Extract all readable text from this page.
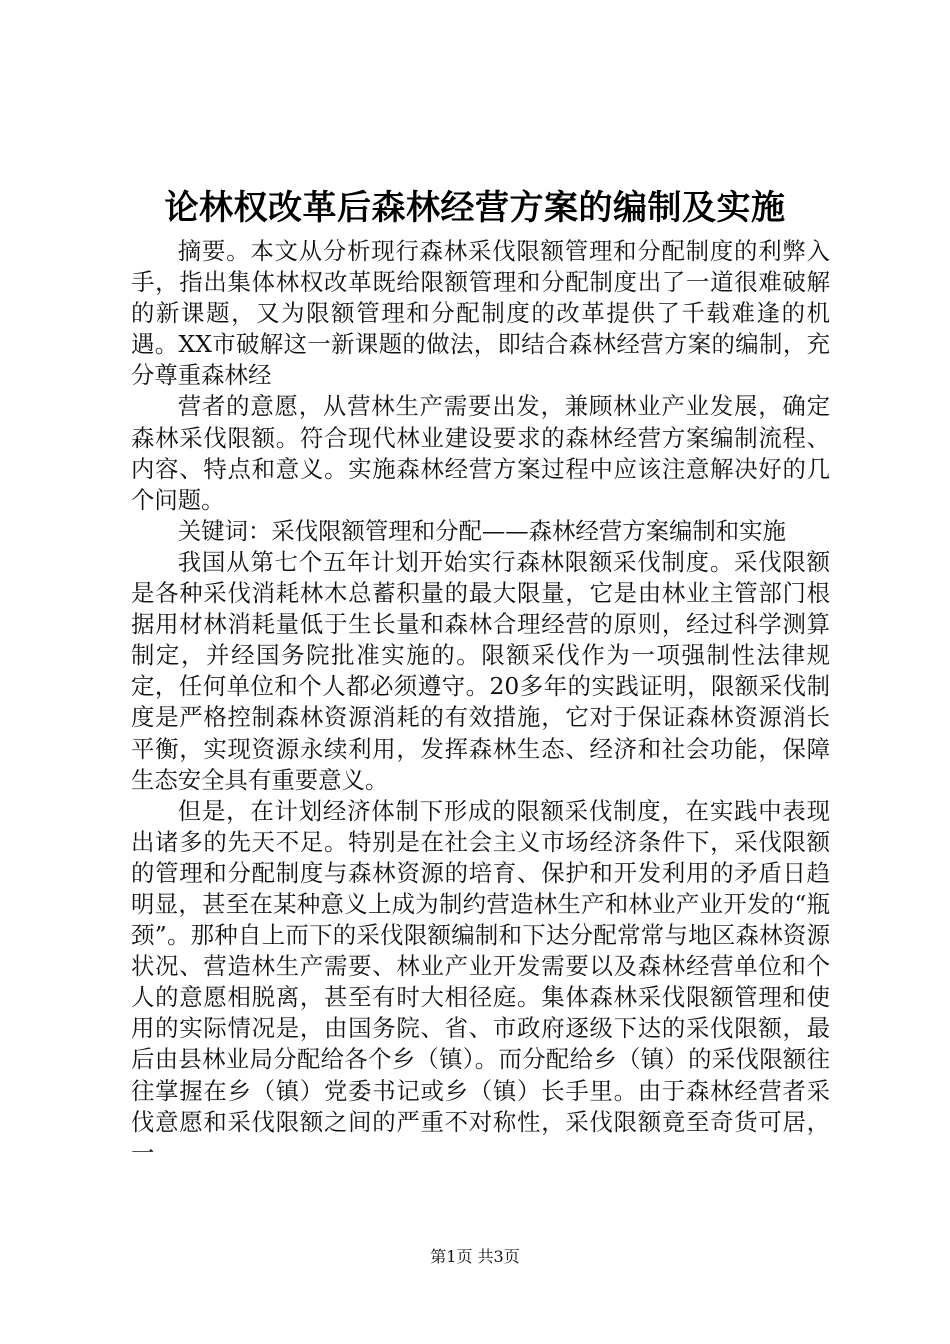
论林权改革后森林经营方案的编制及实施

摘要。本文从分析现行森林采伐限额管理和分配制度的利弊入手，指出集体林权改革既给限额管理和分配制度出了一道很难破解的新课题，又为限额管理和分配制度的改革提供了千载难逢的机遇。XX市破解这一新课题的做法，即结合森林经营方案的编制，充分尊重森林经

营者的意愿，从营林生产需要出发，兼顾林业产业发展，确定森林采伐限额。符合现代林业建设要求的森林经营方案编制流程、内容、特点和意义。实施森林经营方案过程中应该注意解决好的几个问题。

关键词：采伐限额管理和分配——森林经营方案编制和实施

我国从第七个五年计划开始实行森林限额采伐制度。采伐限额是各种采伐消耗林木总蓄积量的最大限量，它是由林业主管部门根据用材林消耗量低于生长量和森林合理经营的原则，经过科学测算制定，并经国务院批准实施的。限额采伐作为一项强制性法律规定，任何单位和个人都必须遵守。20多年的实践证明，限额采伐制度是严格控制森林资源消耗的有效措施，它对于保证森林资源消长平衡，实现资源永续利用，发挥森林生态、经济和社会功能，保障生态安全具有重要意义。

但是，在计划经济体制下形成的限额采伐制度，在实践中表现出诸多的先天不足。特别是在社会主义市场经济条件下，采伐限额的管理和分配制度与森林资源的培育、保护和开发利用的矛盾日趋明显，甚至在某种意义上成为制约营造林生产和林业产业开发的“瓶颈”。那种自上而下的采伐限额编制和下达分配常常与地区森林资源状况、营造林生产需要、林业产业开发需要以及森林经营单位和个人的意愿相脱离，甚至有时大相径庭。集体森林采伐限额管理和使用的实际情况是，由国务院、省、市政府逐级下达的采伐限额，最后由县林业局分配给各个乡（镇）。而分配给乡（镇）的采伐限额往往掌握在乡（镇）党委书记或乡（镇）长手里。由于森林经营者采伐意愿和采伐限额之间的严重不对称性，采伐限额竟至奇货可居，一

第1页 共3页
